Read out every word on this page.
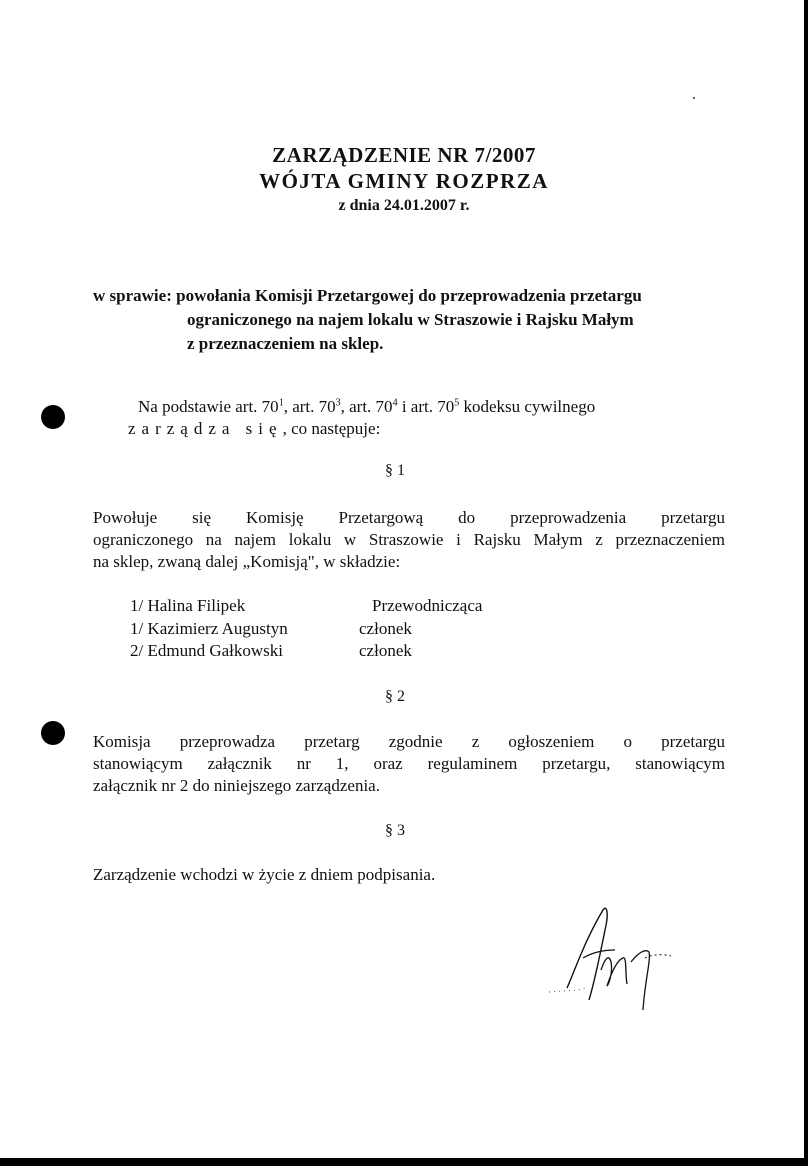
ZARZĄDZENIE NR 7/2007
WÓJTA GMINY ROZPRZA
z dnia 24.01.2007 r.
w sprawie: powołania Komisji Przetargowej do przeprowadzenia przetargu
ograniczonego na najem lokalu w Straszowie i Rajsku Małym
z przeznaczeniem na sklep.
Na podstawie art. $70^1$, art. $70^3$, art. $70^4$ i art. $70^5$ kodeksu cywilnego
zarządza się, co następuje:
§ 1
Powołuje się Komisję Przetargową do przeprowadzenia przetargu
ograniczonego na najem lokalu w Straszowie i Rajsku Małym z przeznaczeniem
na sklep, zwaną dalej „Komisją", w składzie:
1/ Halina Filipek	Przewodnicząca
1/ Kazimierz Augustyn	członek
2/ Edmund Gałkowski	członek
§ 2
Komisja przeprowadza przetarg zgodnie z ogłoszeniem o przetargu
stanowiącym załącznik nr 1, oraz regulaminem przetargu, stanowiącym
załącznik nr 2 do niniejszego zarządzenia.
§ 3
Zarządzenie wchodzi w życie z dniem podpisania.
